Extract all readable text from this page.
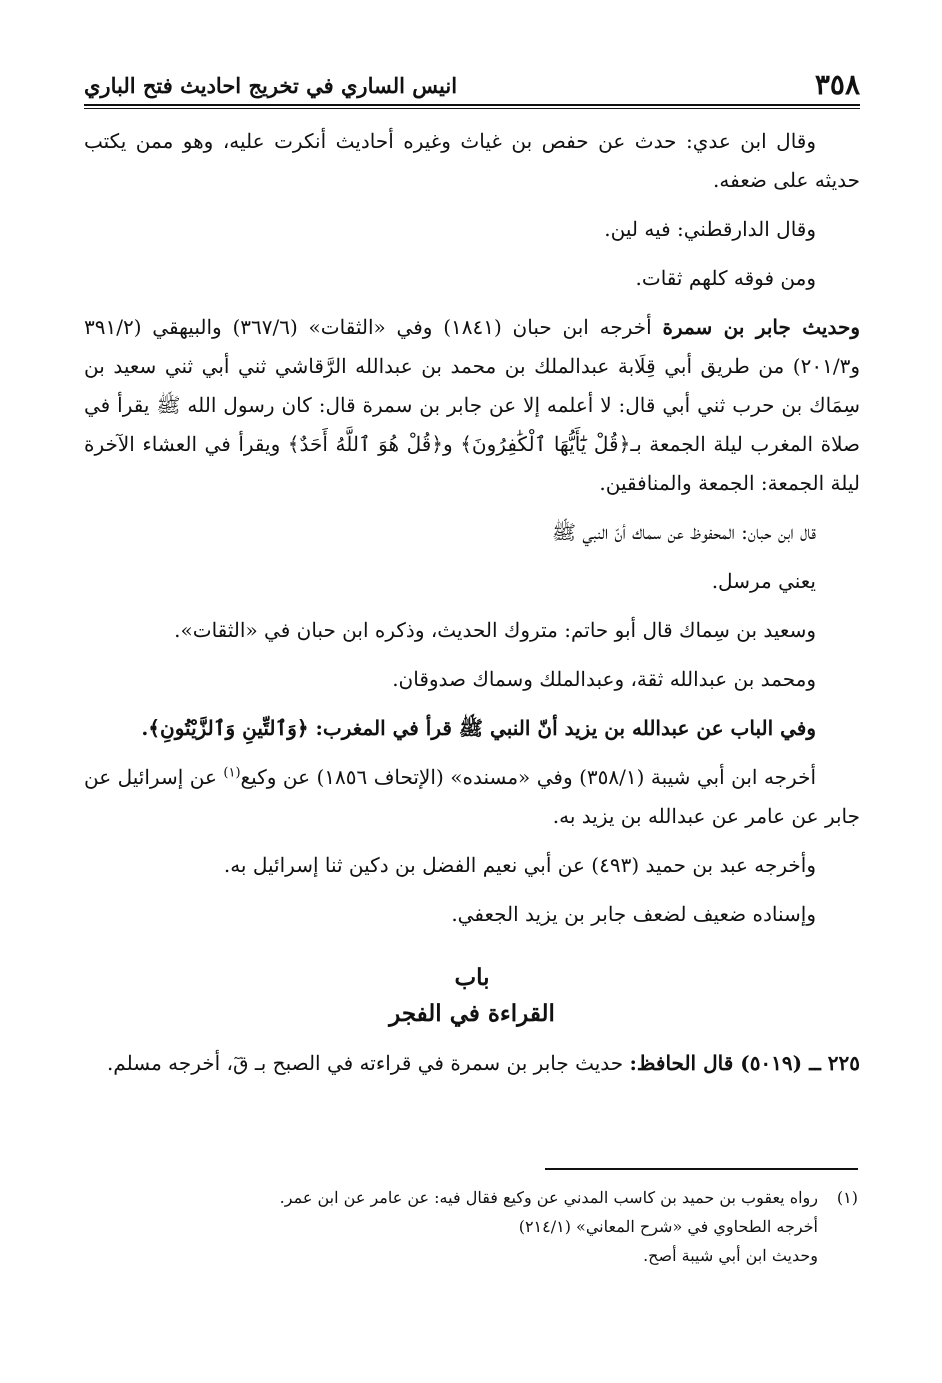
٣٥٨
انيس الساري في تخريج احاديث فتح الباري

وقال ابن عدي: حدث عن حفص بن غياث وغيره أحاديث أنكرت عليه، وهو ممن يكتب حديثه على ضعفه.

وقال الدارقطني: فيه لين.

ومن فوقه كلهم ثقات.

وحديث جابر بن سمرة أخرجه ابن حبان (١٨٤١) وفي «الثقات» (٣٦٧/٦) والبيهقي (٣٩١/٢ و٢٠١/٣) من طريق أبي قِلَابة عبدالملك بن محمد بن عبدالله الرَّقاشي ثني أبي ثني سعيد بن سِمَاك بن حرب ثني أبي قال: لا أعلمه إلا عن جابر بن سمرة قال: كان رسول الله ﷺ يقرأ في صلاة المغرب ليلة الجمعة بـ﴿قُلْ يَٰٓأَيُّهَا ٱلْكَٰفِرُونَ﴾ و﴿قُلْ هُوَ ٱللَّهُ أَحَدٌ﴾ ويقرأ في العشاء الآخرة ليلة الجمعة: الجمعة والمنافقين.

قال ابن حبان: المحفوظ عن سماك أنّ النبي ﷺ

يعني مرسل.

وسعيد بن سِماك قال أبو حاتم: متروك الحديث، وذكره ابن حبان في «الثقات».

ومحمد بن عبدالله ثقة، وعبدالملك وسماك صدوقان.

وفي الباب عن عبدالله بن يزيد أنّ النبي ﷺ قرأ في المغرب: ﴿وَٱلتِّينِ وَٱلزَّيْتُونِ﴾.

أخرجه ابن أبي شيبة (٣٥٨/١) وفي «مسنده» (الإتحاف ١٨٥٦) عن وكيع$^{(١)}$ عن إسرائيل عن جابر عن عامر عن عبدالله بن يزيد به.

وأخرجه عبد بن حميد (٤٩٣) عن أبي نعيم الفضل بن دكين ثنا إسرائيل به.

وإسناده ضعيف لضعف جابر بن يزيد الجعفي.

باب
القراءة في الفجر

٢٢٥ ــ (٥٠١٩) قال الحافظ: حديث جابر بن سمرة في قراءته في الصبح بـ قٓ، أخرجه مسلم.

(١)رواه يعقوب بن حميد بن كاسب المدني عن وكيع فقال فيه: عن عامر عن ابن عمر.

أخرجه الطحاوي في «شرح المعاني» (٢١٤/١)

وحديث ابن أبي شيبة أصح.
